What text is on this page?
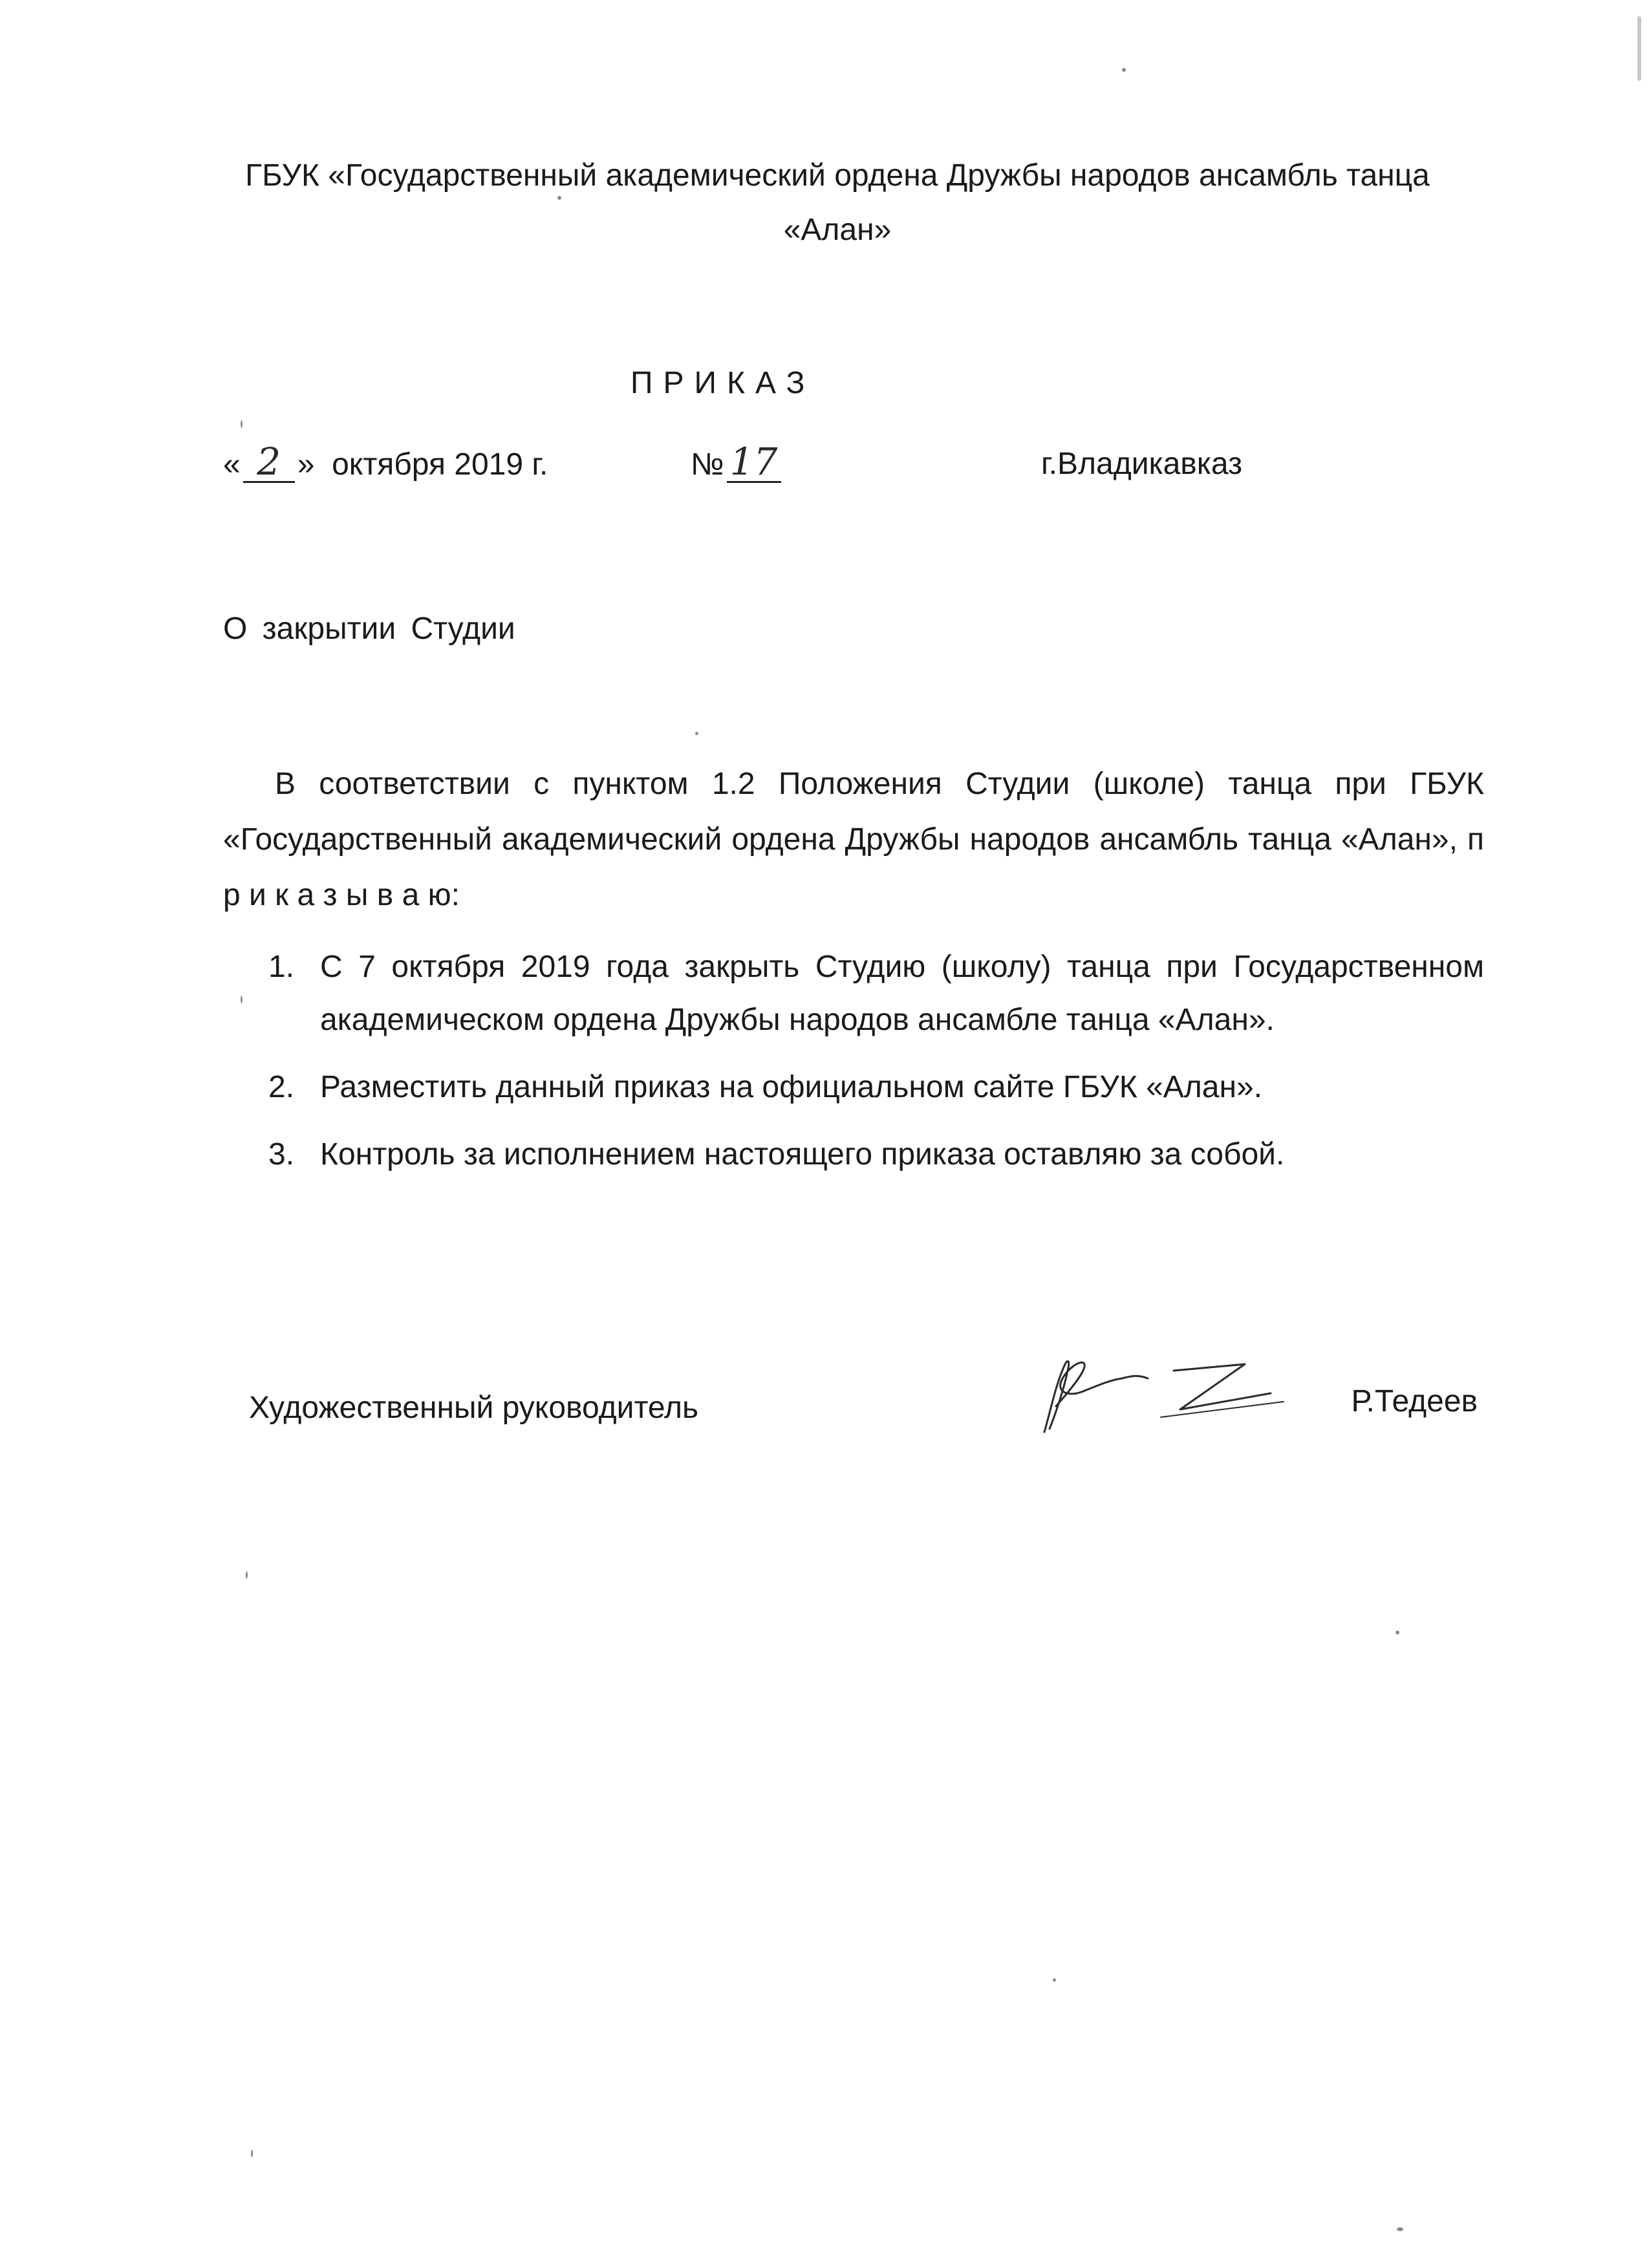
ГБУК «Государственный академический ордена Дружбы народов ансамбль танца «Алан»
ПРИКАЗ
« 2 » октября 2019 г.	№ 17	г.Владикавказ
О закрытии Студии
В соответствии с пунктом 1.2 Положения Студии (школе) танца при ГБУК «Государственный академический ордена Дружбы народов ансамбль танца «Алан», п р и к а з ы в а ю:
1. С 7 октября 2019 года закрыть Студию (школу) танца при Государственном академическом ордена Дружбы народов ансамбле танца «Алан».
2. Разместить данный приказ на официальном сайте ГБУК «Алан».
3. Контроль за исполнением настоящего приказа оставляю за собой.
Художественный руководитель	Р.Тедеев
